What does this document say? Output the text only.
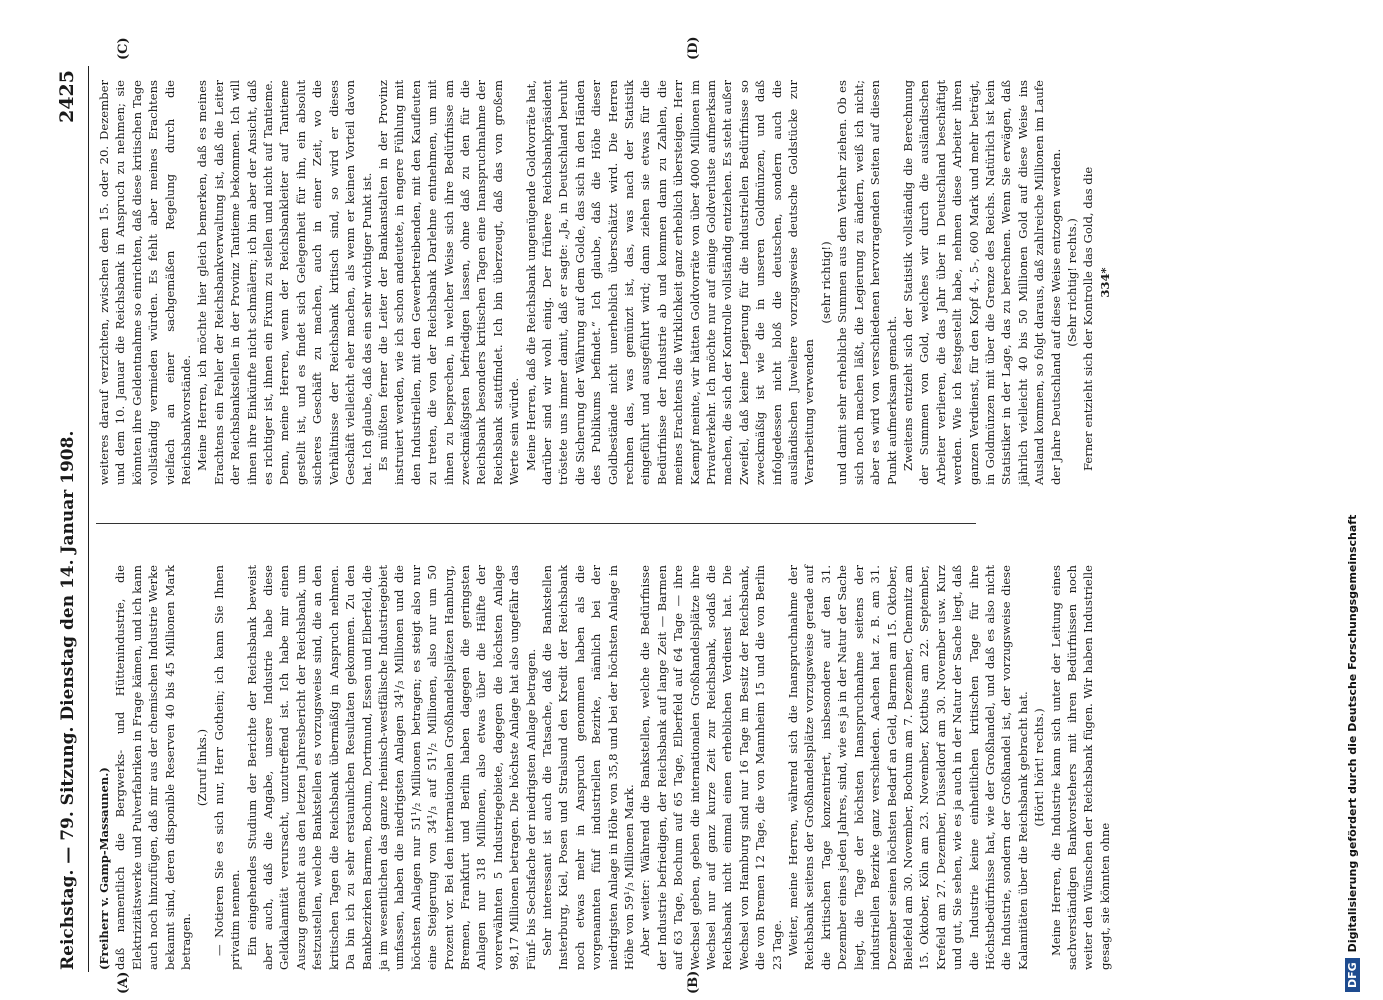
Reichstag. — 79. Sitzung. Dienstag den 14. Januar 1908.
2425
(A)	(B)
(C)	(D)

(Freiherr v. Gamp-Massaunen.) daß namentlich die Bergwerks- und Hüttenindustrie, die Elektrizitätswerke und Pulverfabriken in Frage kämen, und ich kann auch noch hinzufügen, daß mir aus der chemischen Industrie Werke bekannt sind, deren disponible Reserven 40 bis 45 Millionen Mark betragen.

(Zuruf links.) — Notieren Sie es sich nur, Herr Gothein; ich kann Sie Ihnen privatim nennen. Ein eingehendes Studium der Berichte der Reichsbank beweist aber auch, daß die Angabe, unsere Industrie habe diese Geldkalamität verursacht, unzutreffend ist. Ich habe mir einen Auszug gemacht aus den letzten Jahresbericht der Reichsbank, um festzustellen, welche Bankstellen es vorzugsweise sind, die an den kritischen Tagen die Reichsbank übermäßig in Anspruch nehmen. Da bin ich zu sehr erstaunlichen Resultaten gekommen. Zu den Bankbezirken Barmen, Bochum, Dortmund, Essen und Elberfeld, die ja im wesentlichen das ganze rheinisch-westfälische Industriegebiet umfassen, haben die niedrigsten Anlagen 34¹/₃ Millionen und die höchsten Anlagen nur 51¹/₂ Millionen betragen; es steigt also nur eine Steigerung von 34¹/₃ auf 51¹/₂ Millionen, also nur um 50 Prozent vor. Bei den internationalen Großhandelsplätzen Hamburg, Bremen, Frankfurt und Berlin haben dagegen die geringsten Anlagen nur 318 Millionen, also etwas über die Hälfte der vorerwähnten 5 Industriegebiete, dagegen die höchsten Anlage 98,17 Millionen betragen. Die höchste Anlage hat also ungefähr das Fünf- bis Sechsfache der niedrigsten Anlage betragen. Sehr interessant ist auch die Tatsache, daß die Bankstellen Insterburg, Kiel, Posen und Stralsund den Kredit der Reichsbank noch etwas mehr in Anspruch genommen haben als die vorgenannten fünf industriellen Bezirke, nämlich bei der niedrigsten Anlage in Höhe von 35,8 und bei der höchsten Anlage in Höhe von 59¹/₃ Millionen Mark. Aber weiter: Während die Bankstellen, welche die Bedürfnisse der Industrie befriedigen, der Reichsbank auf lange Zeit — Barmen auf 63 Tage, Bochum auf 65 Tage, Elberfeld auf 64 Tage — ihre Wechsel geben, geben die internationalen Großhandelsplätze ihre Wechsel nur auf ganz kurze Zeit zur Reichsbank, sodaß die Reichsbank nicht einmal einen erheblichen Verdienst hat. Die Wechsel von Hamburg sind nur 16 Tage im Besitz der Reichsbank, die von Bremen 12 Tage, die von Mannheim 15 und die von Berlin 23 Tage. Weiter, meine Herren, während sich die Inanspruchnahme der Reichsbank seitens der Großhandelsplätze vorzugsweise gerade auf die kritischen Tage konzentriert, insbesondere auf den 31. Dezember eines jeden Jahres, sind, wie es ja in der Natur der Sache liegt, die Tage der höchsten Inanspruchnahme seitens der industriellen Bezirke ganz verschieden. Aachen hat z. B. am 31. Dezember seinen höchsten Bedarf an Geld, Barmen am 15. Oktober, Bielefeld am 30. November, Bochum am 7. Dezember, Chemnitz am 15. Oktober, Köln am 23. November, Kottbus am 22. September, Krefeld am 27. Dezember, Düsseldorf am 30. November usw. Kurz und gut, Sie sehen, wie es ja auch in der Natur der Sache liegt, daß die Industrie keine einheitlichen kritischen Tage für ihre Höchstbedürfnisse hat, wie der Großhandel, und daß es also nicht die Industrie, sondern der Großhandel ist, der vorzugsweise diese Kalamitäten über die Reichsbank gebracht hat. (Hört! hört! rechts.) Meine Herren, die Industrie kann sich unter der Leitung eines sachverständigen Bankvorstehers mit ihren Bedürfnissen noch weiter den Wünschen der Reichsbank fügen. Wir haben Industrielle gesagt, sie könnten ohne

weiteres darauf verzichten, zwischen dem 15. oder 20. Dezember und dem 10. Januar die Reichsbank in Anspruch zu nehmen; sie könnten ihre Geldentnahme so einrichten, daß diese kritischen Tage vollständig vermieden würden. Es fehlt aber meines Erachtens vielfach an einer sachgemäßen Regelung durch die Reichsbankvorstände. Meine Herren, ich möchte hier gleich bemerken, daß es meines Erachtens ein Fehler der Reichsbankverwaltung ist, daß die Leiter der Reichsbankstellen in der Provinz Tantieme bekommen. Ich will ihnen ihre Einkünfte nicht schmälern; ich bin aber der Ansicht, daß es richtiger ist, ihnen ein Fixum zu stellen und nicht auf Tantieme. Denn, meine Herren, wenn der Reichsbankleiter auf Tantieme gestellt ist, und es findet sich Gelegenheit für ihn, ein absolut sicheres Geschäft zu machen, auch in einer Zeit, wo die Verhältnisse der Reichsbank kritisch sind, so wird er dieses Geschäft vielleicht eher machen, als wenn er keinen Vorteil davon hat. Ich glaube, daß das ein sehr wichtiger Punkt ist. Es müßten ferner die Leiter der Bankanstalten in der Provinz instruiert werden, wie ich schon andeutete, in engere Fühlung mit den Industriellen, mit den Gewerbetreibenden, mit den Kaufleuten zu treten, die von der Reichsbank Darlehne entnehmen, um mit ihnen zu besprechen, in welcher Weise sich ihre Bedürfnisse am zweckmäßigsten befriedigen lassen, ohne daß zu den für die Reichsbank besonders kritischen Tagen eine Inanspruchnahme der Reichsbank stattfindet. Ich bin überzeugt, daß das von großem Werte sein würde. Meine Herren, daß die Reichsbank ungenügende Goldvorräte hat, darüber sind wir wohl einig. Der frühere Reichsbankpräsident tröstete uns immer damit, daß er sagte: „Ja, in Deutschland beruht die Sicherung der Währung auf dem Golde, das sich in den Händen des Publikums befindet.“ Ich glaube, daß die Höhe dieser Goldbestände nicht unerheblich überschätzt wird. Die Herren rechnen das, was gemünzt ist, das, was nach der Statistik eingeführt und ausgeführt wird; dann ziehen sie etwas für die Bedürfnisse der Industrie ab und kommen dann zu Zahlen, die meines Erachtens die Wirklichkeit ganz erheblich übersteigen. Herr Kaempf meinte, wir hätten Goldvorräte von über 4000 Millionen im Privatverkehr. Ich möchte nur auf einige Goldverluste aufmerksam machen, die sich der Kontrolle vollständig entziehen. Es steht außer Zweifel, daß keine Legierung für die industriellen Bedürfnisse so zweckmäßig ist wie die in unseren Goldmünzen, und daß infolgedessen nicht bloß die deutschen, sondern auch die ausländischen Juweliere vorzugsweise deutsche Goldstücke zur Verarbeitung verwenden

(sehr richtig!) und damit sehr erhebliche Summen aus dem Verkehr ziehen. Ob es sich noch machen läßt, die Legierung zu ändern, weiß ich nicht; aber es wird von verschiedenen hervorragenden Seiten auf diesen Punkt aufmerksam gemacht. Zweitens entzieht sich der Statistik vollständig die Berechnung der Summen von Gold, welches wir durch die ausländischen Arbeiter verlieren, die das Jahr über in Deutschland beschäftigt werden. Wie ich festgestellt habe, nehmen diese Arbeiter ihren ganzen Verdienst, für den Kopf 4-, 5-, 600 Mark und mehr beträgt, in Goldmünzen mit über die Grenze des Reichs. Natürlich ist kein Statistiker in der Lage, das zu berechnen. Wenn Sie erwägen, daß jährlich vielleicht 40 bis 50 Millionen Gold auf diese Weise ins Ausland kommen, so folgt daraus, daß zahlreiche Millionen im Laufe der Jahre Deutschland auf diese Weise entzogen werden. (Sehr richtig! rechts.) Ferner entzieht sich der Kontrolle das Gold, das die 334*

DFGDigitalisierung gefördert durch die Deutsche Forschungsgemeinschaft
